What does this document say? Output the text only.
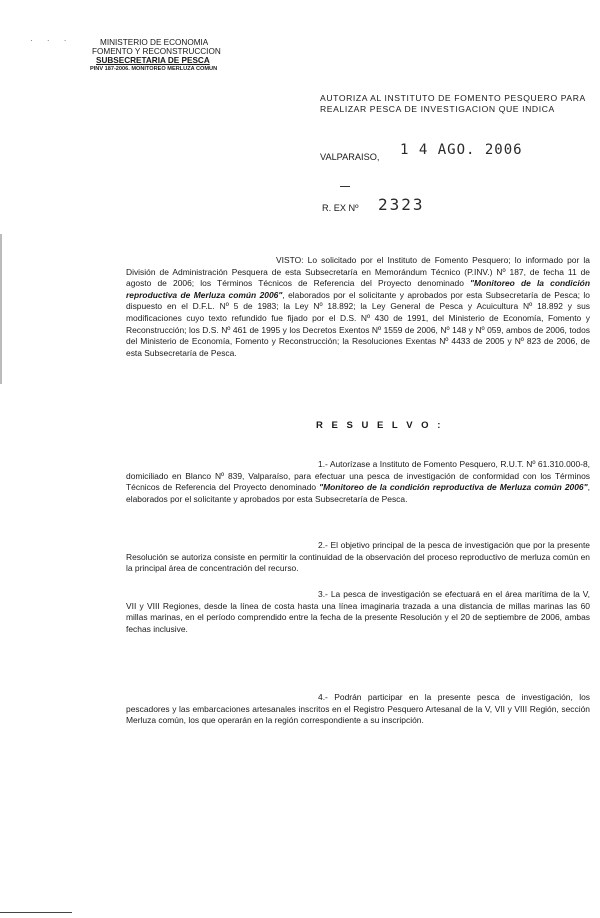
· · ·	MINISTERIO DE ECONOMIA
FOMENTO Y RECONSTRUCCION
SUBSECRETARIA DE PESCA
PINV 187-2006. MONITOREO MERLUZA COMUN
AUTORIZA AL INSTITUTO DE FOMENTO PESQUERO PARA REALIZAR PESCA DE INVESTIGACION QUE INDICA
VALPARAISO, 1 4 AGO. 2006
R. EX Nº 2323
VISTO: Lo solicitado por el Instituto de Fomento Pesquero; lo informado por la División de Administración Pesquera de esta Subsecretaría en Memorándum Técnico (P.INV.) Nº 187, de fecha 11 de agosto de 2006; los Términos Técnicos de Referencia del Proyecto denominado "Monitoreo de la condición reproductiva de Merluza común 2006", elaborados por el solicitante y aprobados por esta Subsecretaría de Pesca; lo dispuesto en el D.F.L. Nº 5 de 1983; la Ley Nº 18.892; la Ley General de Pesca y Acuicultura Nº 18.892 y sus modificaciones cuyo texto refundido fue fijado por el D.S. Nº 430 de 1991, del Ministerio de Economía, Fomento y Reconstrucción; los D.S. Nº 461 de 1995 y los Decretos Exentos Nº 1559 de 2006, Nº 148 y Nº 059, ambos de 2006, todos del Ministerio de Economía, Fomento y Reconstrucción; la Resoluciones Exentas Nº 4433 de 2005 y Nº 823 de 2006, de esta Subsecretaría de Pesca.
R E S U E L V O :
1.- Autorízase a Instituto de Fomento Pesquero, R.U.T. Nº 61.310.000-8, domiciliado en Blanco Nº 839, Valparaíso, para efectuar una pesca de investigación de conformidad con los Términos Técnicos de Referencia del Proyecto denominado "Monitoreo de la condición reproductiva de Merluza común 2006", elaborados por el solicitante y aprobados por esta Subsecretaría de Pesca.
2.- El objetivo principal de la pesca de investigación que por la presente Resolución se autoriza consiste en permitir la continuidad de la observación del proceso reproductivo de merluza común en la principal área de concentración del recurso.
3.- La pesca de investigación se efectuará en el área marítima de la V, VII y VIII Regiones, desde la línea de costa hasta una línea imaginaria trazada a una distancia de millas marinas las 60 millas marinas, en el período comprendido entre la fecha de la presente Resolución y el 20 de septiembre de 2006, ambas fechas inclusive.
4.- Podrán participar en la presente pesca de investigación, los pescadores y las embarcaciones artesanales inscritos en el Registro Pesquero Artesanal de la V, VII y VIII Región, sección Merluza común, los que operarán en la región correspondiente a su inscripción.
